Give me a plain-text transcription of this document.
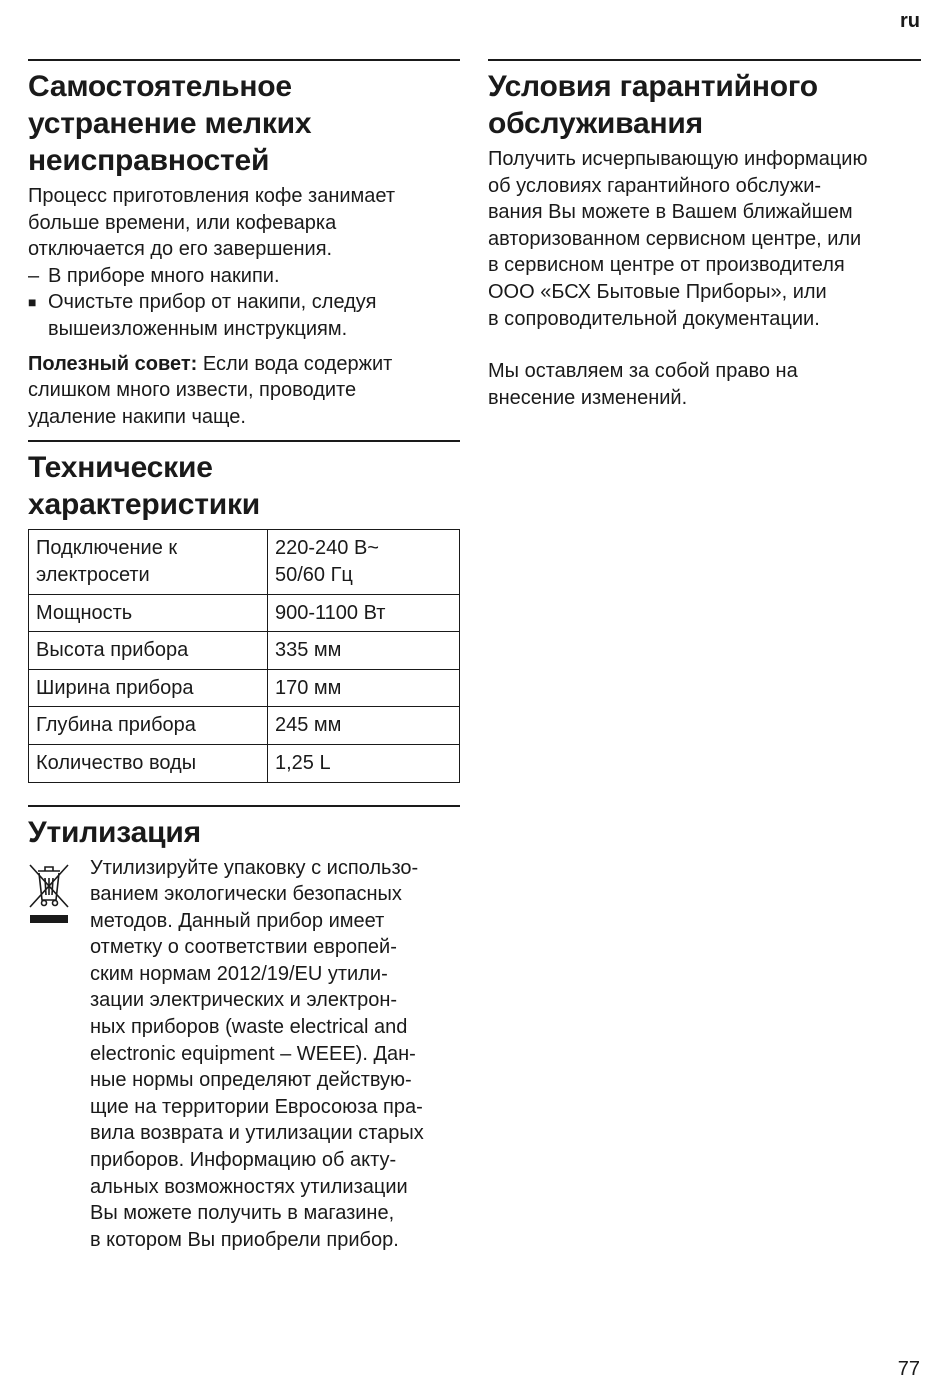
ru
Самостоятельное
устранение мелких
неисправностей

Процесс приготовления кофе занимает
больше времени, или кофеварка
отключается до его завершения.

– В приборе много накипи.
■ Очистьте прибор от накипи, следуя
вышеизложенным инструкциям.

Полезный совет: Если вода содержит
слишком много извести, проводите
удаление накипи чаще.

Технические
характеристики
Подключение к
электросети	220-240 В~
50/60 Гц
Мощность	900-1100 Вт
Высота прибора	335 мм
Ширина прибора	170 мм
Глубина прибора	245 мм
Количество воды	1,25 L
Утилизация

Утилизируйте упаковку с использо-
ванием экологически безопасных
методов. Данный прибор имеет
отметку о соответствии европей-
ским нормам 2012/19/EU утили-
зации электрических и электрон-
ных приборов (waste electrical and
electronic equipment – WEEE). Дан-
ные нормы определяют действую-
щие на территории Евросоюза пра-
вила возврата и утилизации старых
приборов. Информацию об акту-
альных возможностях утилизации
Вы можете получить в магазине,
в котором Вы приобрели прибор.

Условия гарантийного
обслуживания

Получить исчерпывающую информацию
об условиях гарантийного обслужи-
вания Вы можете в Вашем ближайшем
авторизованном сервисном центре, или
в сервисном центре от производителя
ООО «БСХ Бытовые Приборы», или
в сопроводительной документации.

Мы оставляем за собой право на
внесение изменений.

77
